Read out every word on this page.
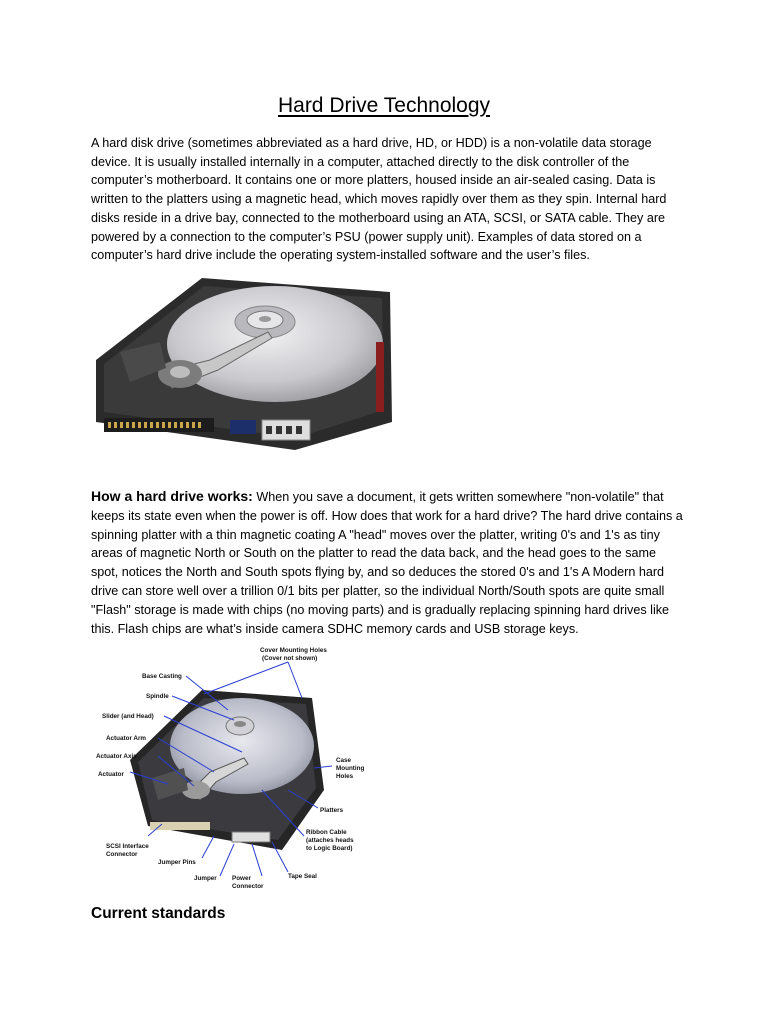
Hard Drive Technology
A hard disk drive (sometimes abbreviated as a hard drive, HD, or HDD) is a non-volatile data storage device. It is usually installed internally in a computer, attached directly to the disk controller of the computer’s motherboard. It contains one or more platters, housed inside an air-sealed casing. Data is written to the platters using a magnetic head, which moves rapidly over them as they spin. Internal hard disks reside in a drive bay, connected to the motherboard using an ATA, SCSI, or SATA cable. They are powered by a connection to the computer’s PSU (power supply unit). Examples of data stored on a computer’s hard drive include the operating system-installed software and the user’s files.
How a hard drive works: When you save a document, it gets written somewhere "non-volatile" that keeps its state even when the power is off. How does that work for a hard drive? The hard drive contains a spinning platter with a thin magnetic coating A "head" moves over the platter, writing 0's and 1's as tiny areas of magnetic North or South on the platter to read the data back, and the head goes to the same spot, notices the North and South spots flying by, and so deduces the stored 0's and 1's A Modern hard drive can store well over a trillion 0/1 bits per platter, so the individual North/South spots are quite small "Flash" storage is made with chips (no moving parts) and is gradually replacing spinning hard drives like this. Flash chips are what’s inside camera SDHC memory cards and USB storage keys.
Cover Mounting Holes
(Cover not shown)
Base Casting
Spindle
Slider (and Head)
Actuator Arm
Actuator Axis
Actuator
SCSI Interface
Connector
Jumper Pins
Jumper Power
Connector
Tape Seal
Ribbon Cable
(attaches heads
to Logic Board)
Platters
Case
Mounting
Holes
Current standards
